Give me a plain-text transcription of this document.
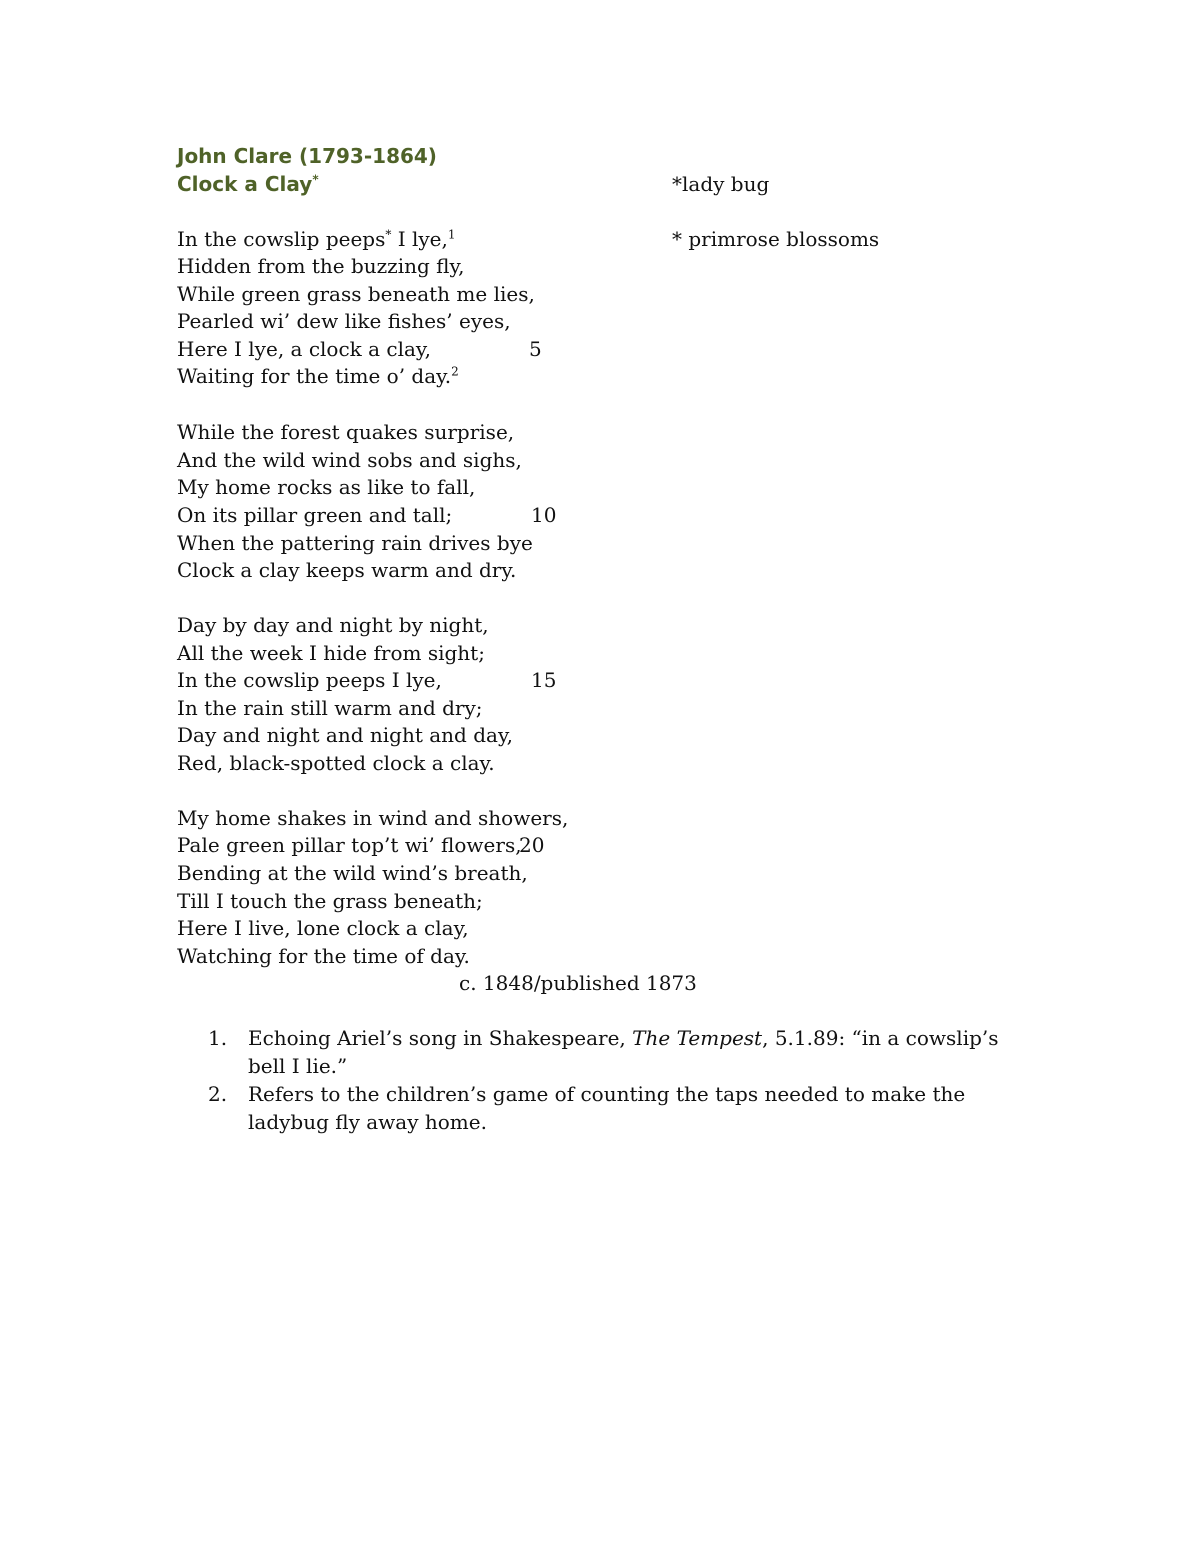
John Clare (1793-1864)
Clock a Clay*	*lady bug
* primrose blossoms
In the cowslip peeps* I lye,$^1$
Hidden from the buzzing fly,
While green grass beneath me lies,
Pearled wi’ dew like fishes’ eyes,
Here I lye, a clock a clay,	5
Waiting for the time o’ day.$^2$
While the forest quakes surprise,
And the wild wind sobs and sighs,
My home rocks as like to fall,
On its pillar green and tall;	10
When the pattering rain drives bye
Clock a clay keeps warm and dry.
Day by day and night by night,
All the week I hide from sight;
In the cowslip peeps I lye,	15
In the rain still warm and dry;
Day and night and night and day,
Red, black-spotted clock a clay.
My home shakes in wind and showers,
Pale green pillar top’t wi’ flowers,
20
Bending at the wild wind’s breath,
Till I touch the grass beneath;
Here I live, lone clock a clay,
Watching for the time of day.
c. 1848/published 1873
1. Echoing Ariel’s song in Shakespeare, The Tempest, 5.1.89: “in a cowslip’s bell I lie.”
2. Refers to the children’s game of counting the taps needed to make the ladybug fly away home.
